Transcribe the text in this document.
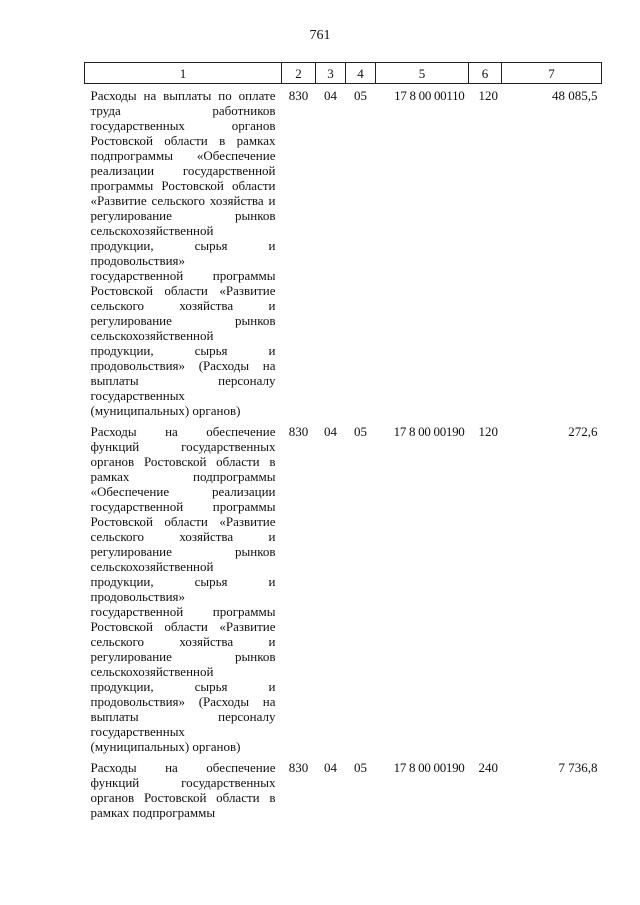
761
1	2	3	4	5	6	7
Расходы на выплаты по оплате труда работников государственных органов Ростовской области в рамках подпрограммы «Обеспечение реализации государственной программы Ростовской области «Развитие сельского хозяйства и регулирование рынков сельскохозяйственной продукции, сырья и продовольствия» государственной программы Ростовской области «Развитие сельского хозяйства и регулирование рынков сельскохозяйственной продукции, сырья и продовольствия» (Расходы на выплаты персоналу государственных (муниципальных) органов)	830	04	05	17 8 00 00110	120	48 085,5
Расходы на обеспечение функций государственных органов Ростовской области в рамках подпрограммы «Обеспечение реализации государственной программы Ростовской области «Развитие сельского хозяйства и регулирование рынков сельскохозяйственной продукции, сырья и продовольствия» государственной программы Ростовской области «Развитие сельского хозяйства и регулирование рынков сельскохозяйственной продукции, сырья и продовольствия» (Расходы на выплаты персоналу государственных (муниципальных) органов)	830	04	05	17 8 00 00190	120	272,6
Расходы на обеспечение функций государственных органов Ростовской области в рамках подпрограммы	830	04	05	17 8 00 00190	240	7 736,8
